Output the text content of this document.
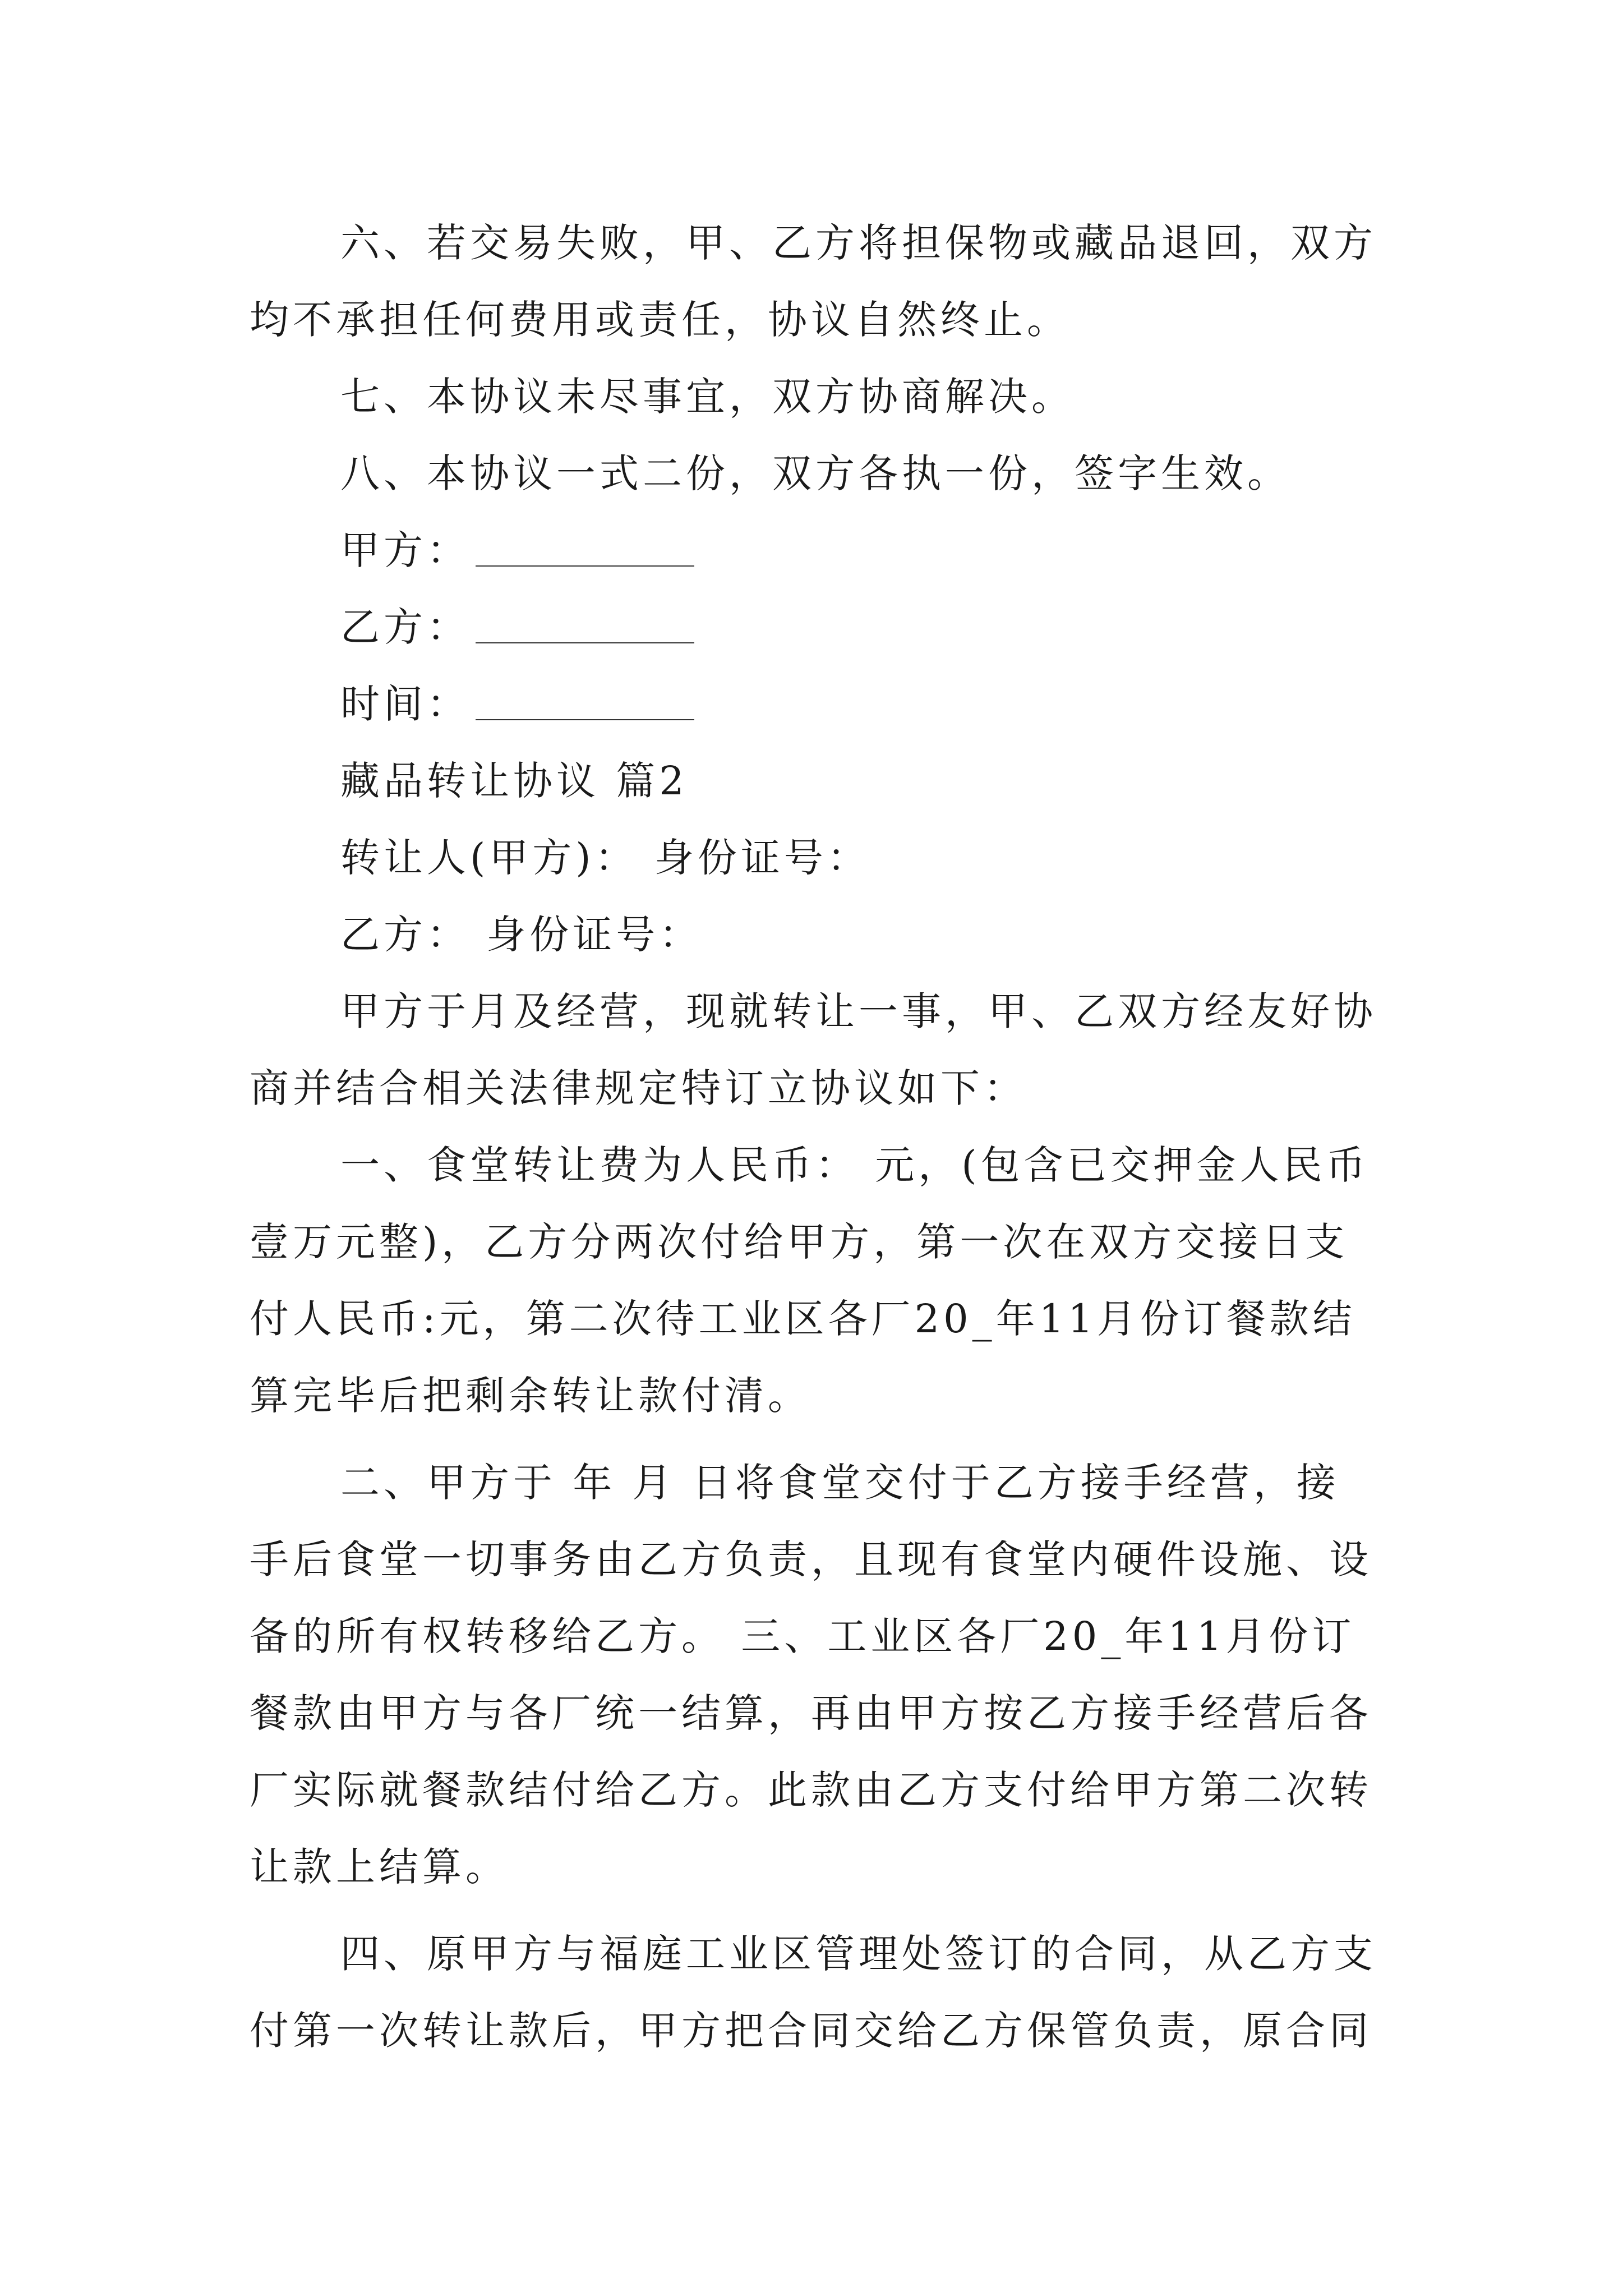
六、若交易失败，甲、乙方将担保物或藏品退回，双方
均不承担任何费用或责任，协议自然终止。
七、本协议未尽事宜，双方协商解决。
八、本协议一式二份，双方各执一份，签字生效。
甲方：
乙方：
时间：
藏品转让协议 篇2
转让人(甲方)： 身份证号：
乙方： 身份证号：
甲方于月及经营，现就转让一事，甲、乙双方经友好协
商并结合相关法律规定特订立协议如下：
一、食堂转让费为人民币： 元，(包含已交押金人民币
壹万元整)，乙方分两次付给甲方，第一次在双方交接日支
付人民币:元，第二次待工业区各厂20_年11月份订餐款结
算完毕后把剩余转让款付清。
二、甲方于 年 月 日将食堂交付于乙方接手经营，接
手后食堂一切事务由乙方负责，且现有食堂内硬件设施、设
备的所有权转移给乙方。 三、工业区各厂20_年11月份订
餐款由甲方与各厂统一结算，再由甲方按乙方接手经营后各
厂实际就餐款结付给乙方。此款由乙方支付给甲方第二次转
让款上结算。
四、原甲方与福庭工业区管理处签订的合同，从乙方支
付第一次转让款后，甲方把合同交给乙方保管负责，原合同
